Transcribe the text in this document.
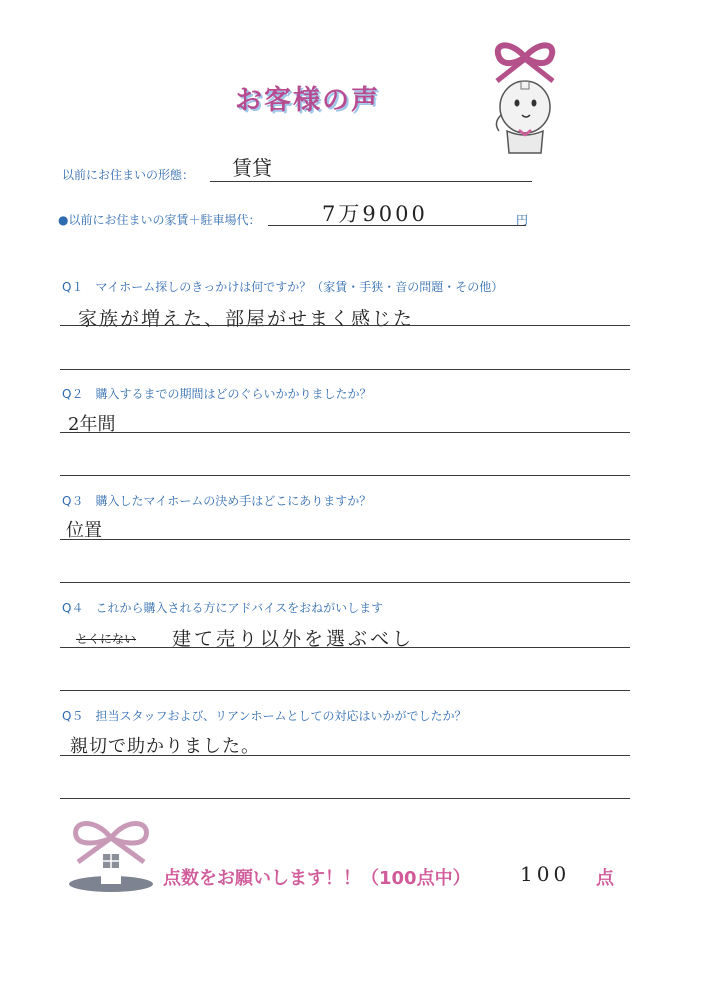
お客様の声
以前にお住まいの形態： 賃貸
●以前にお住まいの家賃＋駐車場代：	7万9000	円
Q１　マイホーム探しのきっかけは何ですか？（家賃・手狭・音の問題・その他）
家族が増えた、部屋がせまく感じた
Q２　購入するまでの期間はどのぐらいかかりましたか？
2年間
Q３　購入したマイホームの決め手はどこにありますか？
位置
Q４　これから購入される方にアドバイスをおねがいします
とくにない 建て売り以外を選ぶべし
Q５　担当スタッフおよび、リアンホームとしての対応はいかがでしたか？
親切で助かりました。
点数をお願いします！！（100点中） 100 点
